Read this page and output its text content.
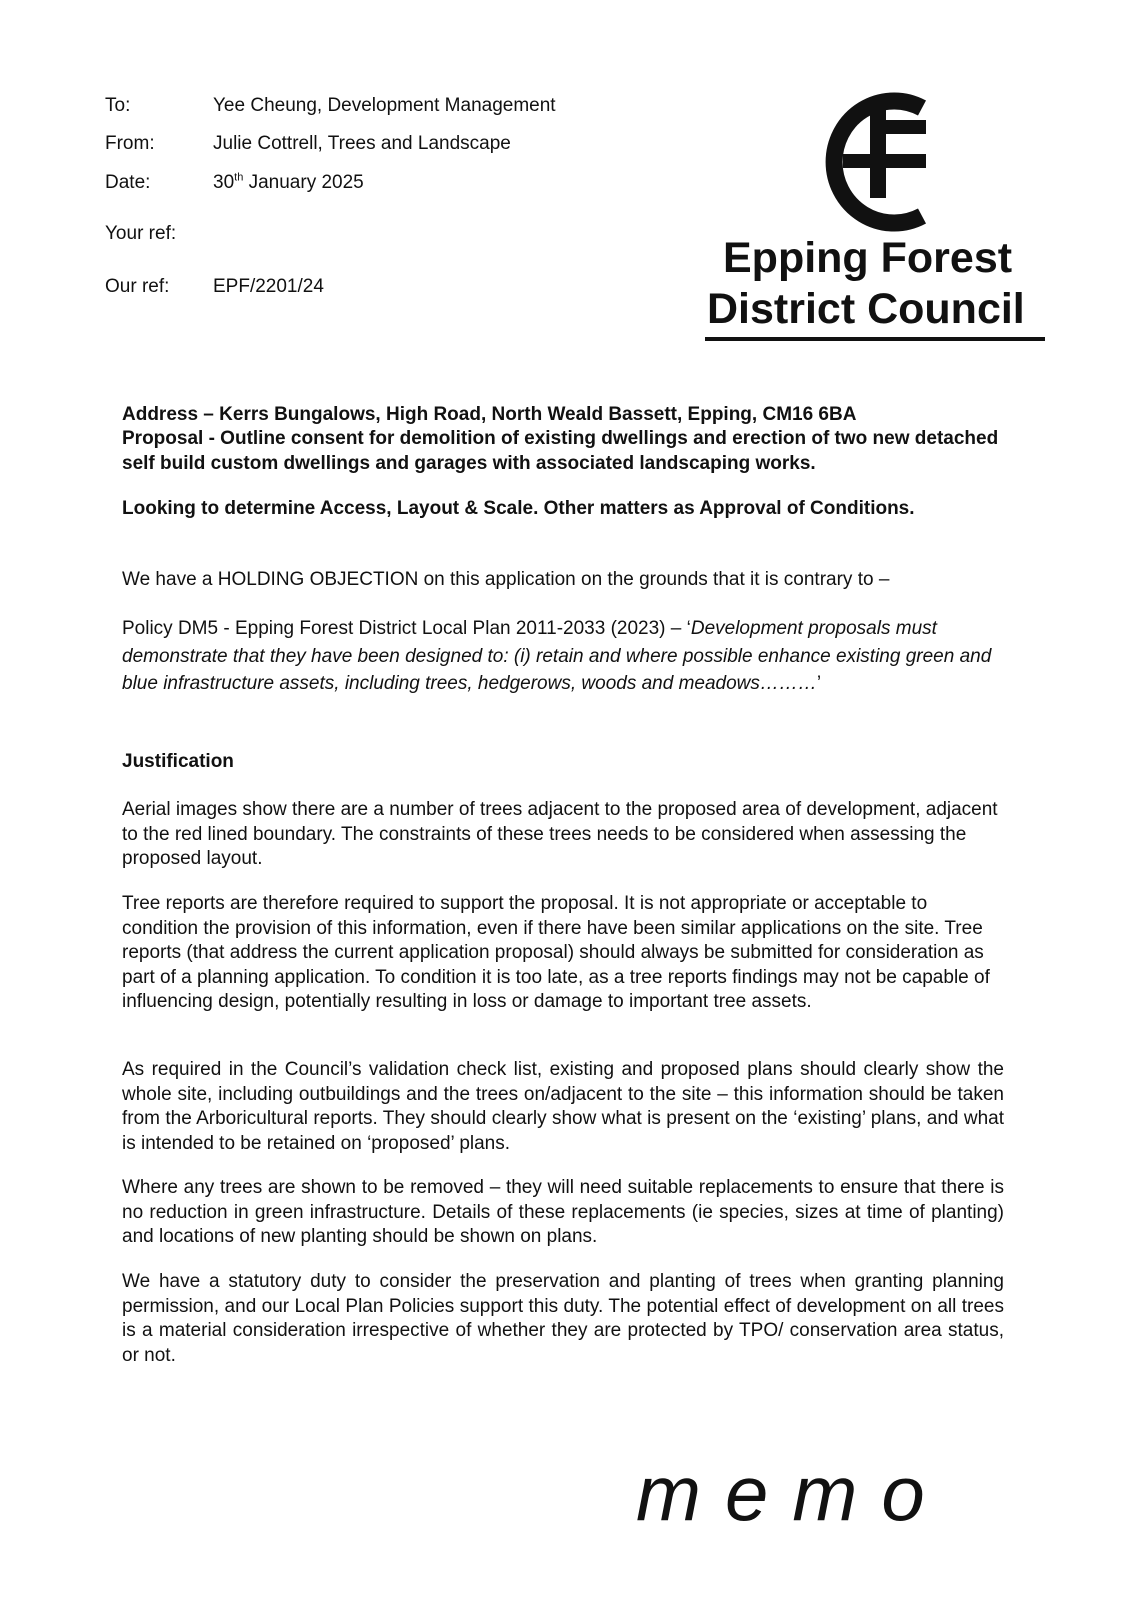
To:	Yee Cheung, Development Management
From:	Julie Cottrell, Trees and Landscape
Date:	30th January 2025
Your ref:
Our ref: EPF/2201/24
Epping Forest
District Council
Address – Kerrs Bungalows, High Road, North Weald Bassett, Epping, CM16 6BA
Proposal - Outline consent for demolition of existing dwellings and erection of two new detached self build custom dwellings and garages with associated landscaping works.
Looking to determine Access, Layout & Scale. Other matters as Approval of Conditions.
We have a HOLDING OBJECTION on this application on the grounds that it is contrary to –
Policy DM5 - Epping Forest District Local Plan 2011-2033 (2023) – ‘Development proposals must demonstrate that they have been designed to: (i) retain and where possible enhance existing green and blue infrastructure assets, including trees, hedgerows, woods and meadows………’
Justification
Aerial images show there are a number of trees adjacent to the proposed area of development, adjacent to the red lined boundary. The constraints of these trees needs to be considered when assessing the proposed layout.
Tree reports are therefore required to support the proposal. It is not appropriate or acceptable to condition the provision of this information, even if there have been similar applications on the site. Tree reports (that address the current application proposal) should always be submitted for consideration as part of a planning application. To condition it is too late, as a tree reports findings may not be capable of influencing design, potentially resulting in loss or damage to important tree assets.
As required in the Council’s validation check list, existing and proposed plans should clearly show the whole site, including outbuildings and the trees on/adjacent to the site – this information should be taken from the Arboricultural reports. They should clearly show what is present on the ‘existing’ plans, and what is intended to be retained on ‘proposed’ plans.
Where any trees are shown to be removed – they will need suitable replacements to ensure that there is no reduction in green infrastructure. Details of these replacements (ie species, sizes at time of planting) and locations of new planting should be shown on plans.
We have a statutory duty to consider the preservation and planting of trees when granting planning permission, and our Local Plan Policies support this duty. The potential effect of development on all trees is a material consideration irrespective of whether they are protected by TPO/ conservation area status, or not.
memo
